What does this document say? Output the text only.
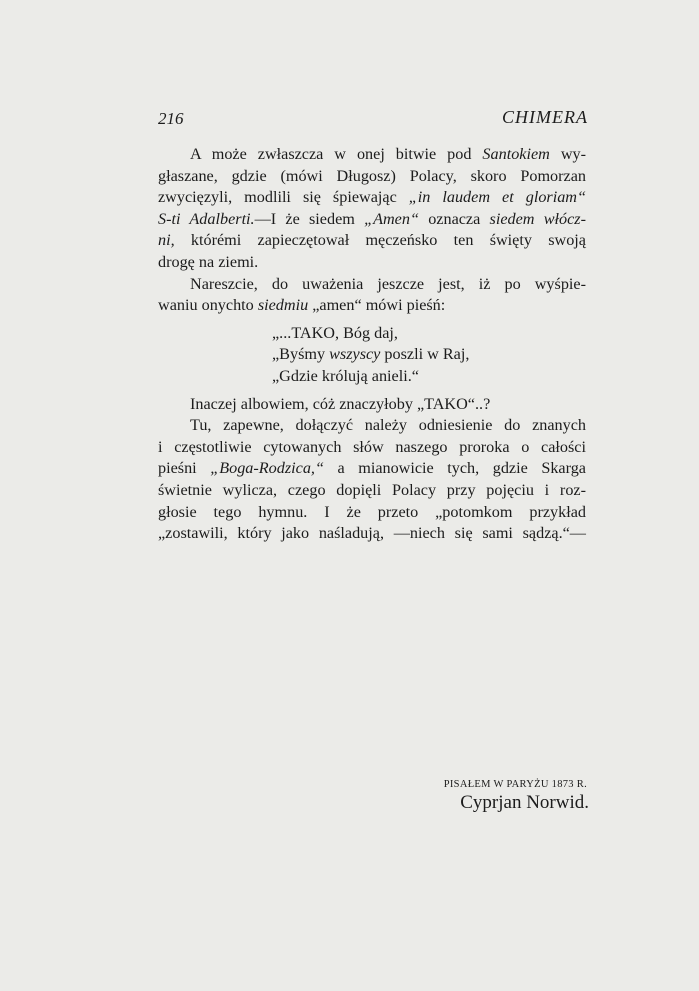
216	CHIMERA

A może zwłaszcza w onej bitwie pod Santokiem wy-

głaszane, gdzie (mówi Długosz) Polacy, skoro Pomorzan

zwycięzyli, modlili się śpiewając „in laudem et gloriam“

S-ti Adalberti.—I że siedem „Amen“ oznacza siedem włócz-

ni, którémi zapieczętował męczeńsko ten święty swoją

drogę na ziemi.

Nareszcie, do uważenia jeszcze jest, iż po wyśpie-

waniu onychto siedmiu „amen“ mówi pieśń:

„...TAKO, Bóg daj,
„Byśmy wszyscy poszli w Raj,
„Gdzie królują anieli.“

Inaczej albowiem, cóż znaczyłoby „TAKO“..?

Tu, zapewne, dołączyć należy odniesienie do znanych

i częstotliwie cytowanych słów naszego proroka o całości

pieśni „Boga-Rodzica,“ a mianowicie tych, gdzie Skarga

świetnie wylicza, czego dopięli Polacy przy pojęciu i roz-

głosie tego hymnu. I że przeto „potomkom przykład

„zostawili, który jako naśladują, —niech się sami sądzą.“—

PISAŁEM W PARYŻU 1873 R.
Cyprjan Norwid.
